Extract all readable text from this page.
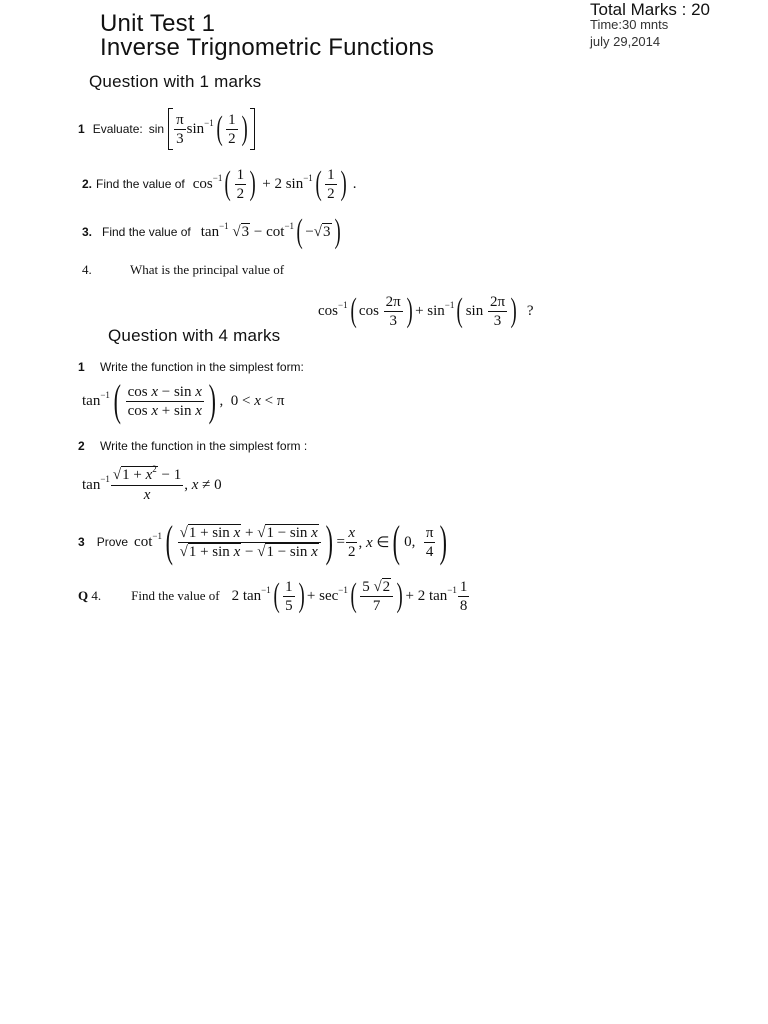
Unit Test 1
Inverse Trignometric Functions
Total Marks : 20
Time:30 mnts
july 29,2014
Question with 1 marks
1 Evaluate: $\sin \frac{\pi}{3} \sin^{-1}$ ( $\frac{1}{2}$ )
2. Find the value of $\cos^{-1}$ ( $\frac{1}{2}$ ) + 2 $\sin^{-1}$ ( $\frac{1}{2}$ ) .
3. Find the value of $\tan^{-1} √3 - \cot^{-1}$ ( −√3 )
4.	What is the principal value of
$\cos^{-1}$ ( $\cos \frac{2\pi}{3}$ ) + $\sin^{-1}$ ( $\sin \frac{2\pi}{3}$ ) ?
Question with 4 marks
1 Write the function in the simplest form:
$\tan^{-1}$ ( $\frac{\text{cos x − sin x}}{\text{cos x + sin x}}$ ) ,  0 < x < π
2 Write the function in the simplest form :
$\tan^{-1} \frac{√1 + x^2 - 1}{x}$ , x ≠ 0
3 Prove $\cot^{-1}$ ( $\frac{\text{√1 + sin x + √1 − sin x}}{\text{√1 + sin x − √1 − sin x}}$ ) = $\frac{x}{2}$ , x ∈ ( 0, $\frac{\pi}{4}$ )
Q 4. Find the value of 2 $\tan^{-1}$ ( $\frac{1}{5}$ ) + $\sec^{-1}$ ( $\frac{5 √2}{7}$ ) + 2 $\tan^{-1} \frac{1}{8}$
